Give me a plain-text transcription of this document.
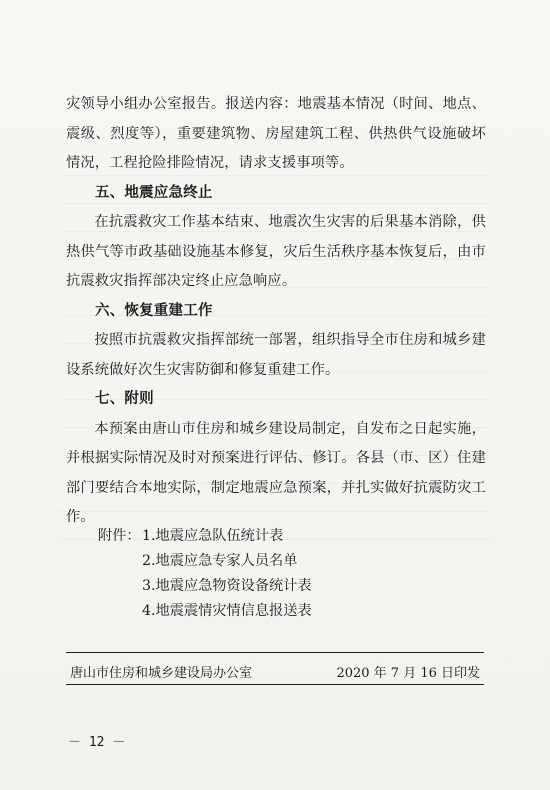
灾领导小组办公室报告。报送内容：地震基本情况（时间、地点、震级、烈度等），重要建筑物、房屋建筑工程、供热供气设施破坏情况，工程抢险排险情况，请求支援事项等。

五、地震应急终止

在抗震救灾工作基本结束、地震次生灾害的后果基本消除，供热供气等市政基础设施基本修复，灾后生活秩序基本恢复后，由市抗震救灾指挥部决定终止应急响应。

六、恢复重建工作

按照市抗震救灾指挥部统一部署，组织指导全市住房和城乡建设系统做好次生灾害防御和修复重建工作。

七、附则

本预案由唐山市住房和城乡建设局制定，自发布之日起实施，并根据实际情况及时对预案进行评估、修订。各县（市、区）住建部门要结合本地实际，制定地震应急预案，并扎实做好抗震防灾工作。

附件：1.地震应急队伍统计表
2.地震应急专家人员名单
3.地震应急物资设备统计表
4.地震震情灾情信息报送表
唐山市住房和城乡建设局办公室	2020 年 7 月 16 日印发
－ 12 －
